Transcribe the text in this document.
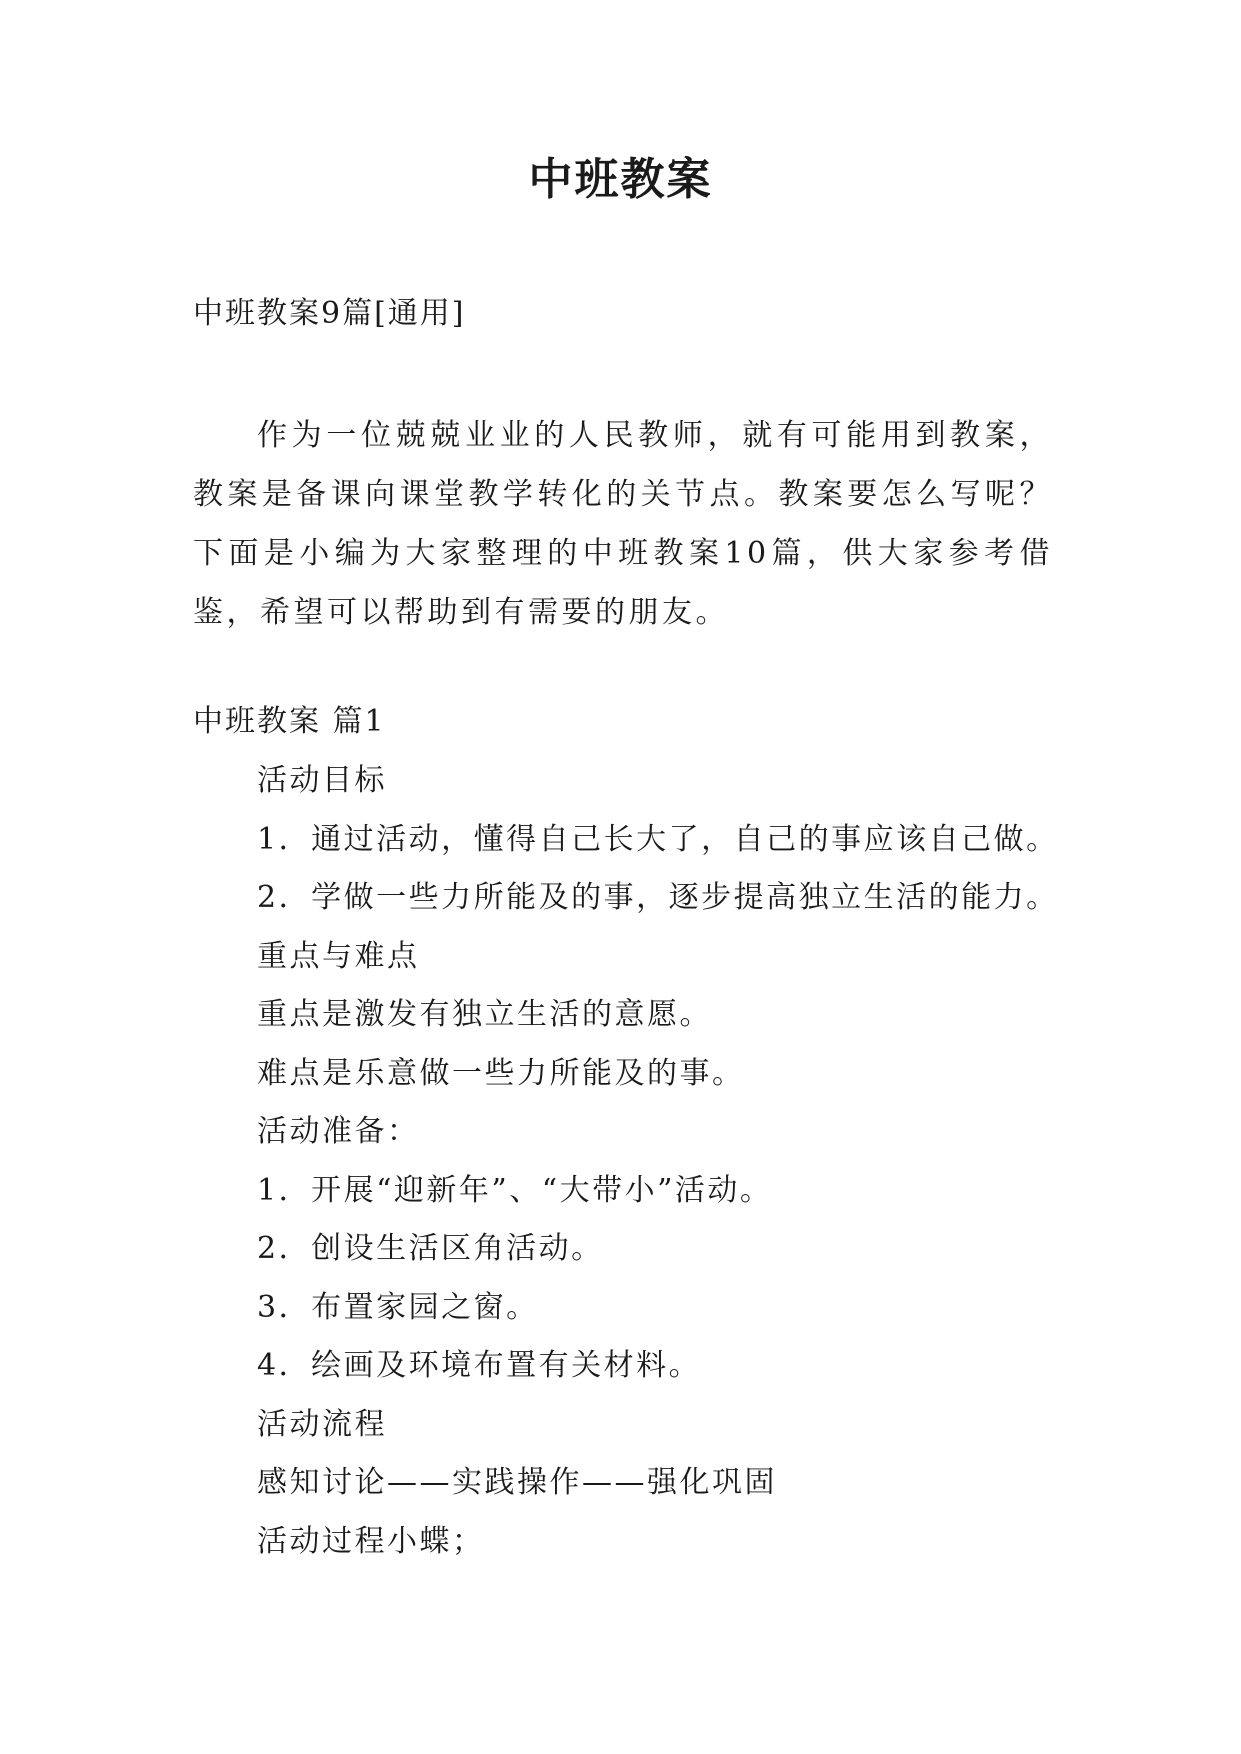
中班教案

中班教案9篇[通用]

作为一位兢兢业业的人民教师，就有可能用到教案，教案是备课向课堂教学转化的关节点。教案要怎么写呢？下面是小编为大家整理的中班教案10篇，供大家参考借鉴，希望可以帮助到有需要的朋友。

中班教案 篇1

活动目标
1．通过活动，懂得自己长大了，自己的事应该自己做。
2．学做一些力所能及的事，逐步提高独立生活的能力。
重点与难点
重点是激发有独立生活的意愿。
难点是乐意做一些力所能及的事。
活动准备：
1．开展“迎新年”、“大带小”活动。
2．创设生活区角活动。
3．布置家园之窗。
4．绘画及环境布置有关材料。
活动流程
感知讨论——实践操作——强化巩固
活动过程小蝶；
